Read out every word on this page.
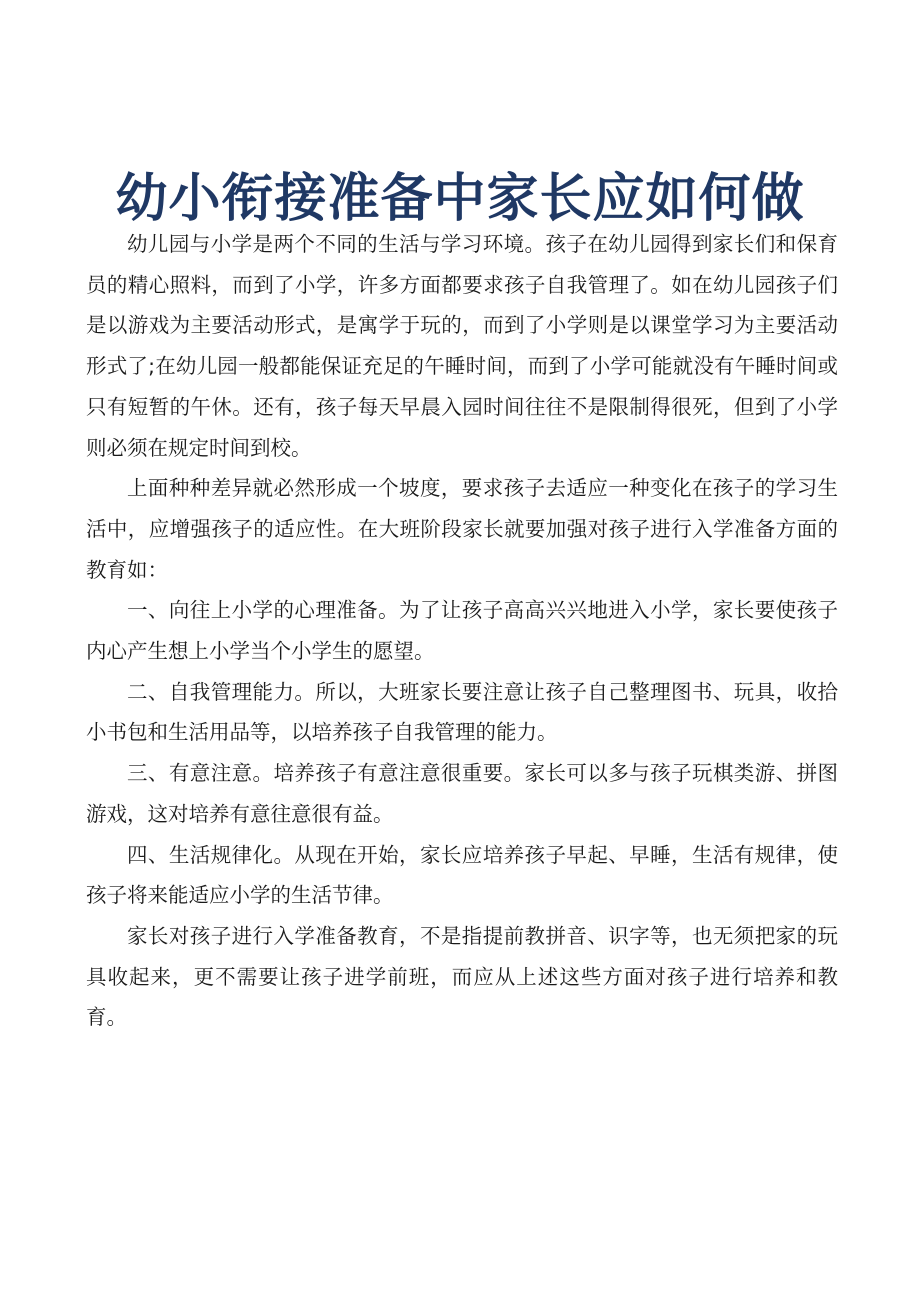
幼小衔接准备中家长应如何做

幼儿园与小学是两个不同的生活与学习环境。孩子在幼儿园得到家长们和保育员的精心照料，而到了小学，许多方面都要求孩子自我管理了。如在幼儿园孩子们是以游戏为主要活动形式，是寓学于玩的，而到了小学则是以课堂学习为主要活动形式了;在幼儿园一般都能保证充足的午睡时间，而到了小学可能就没有午睡时间或只有短暂的午休。还有，孩子每天早晨入园时间往往不是限制得很死，但到了小学则必须在规定时间到校。

上面种种差异就必然形成一个坡度，要求孩子去适应一种变化在孩子的学习生活中，应增强孩子的适应性。在大班阶段家长就要加强对孩子进行入学准备方面的教育如：

一、向往上小学的心理准备。为了让孩子高高兴兴地进入小学，家长要使孩子内心产生想上小学当个小学生的愿望。

二、自我管理能力。所以，大班家长要注意让孩子自己整理图书、玩具，收拾小书包和生活用品等，以培养孩子自我管理的能力。

三、有意注意。培养孩子有意注意很重要。家长可以多与孩子玩棋类游、拼图游戏，这对培养有意往意很有益。

四、生活规律化。从现在开始，家长应培养孩子早起、早睡，生活有规律，使孩子将来能适应小学的生活节律。

家长对孩子进行入学准备教育，不是指提前教拼音、识字等，也无须把家的玩具收起来，更不需要让孩子进学前班，而应从上述这些方面对孩子进行培养和教育。
